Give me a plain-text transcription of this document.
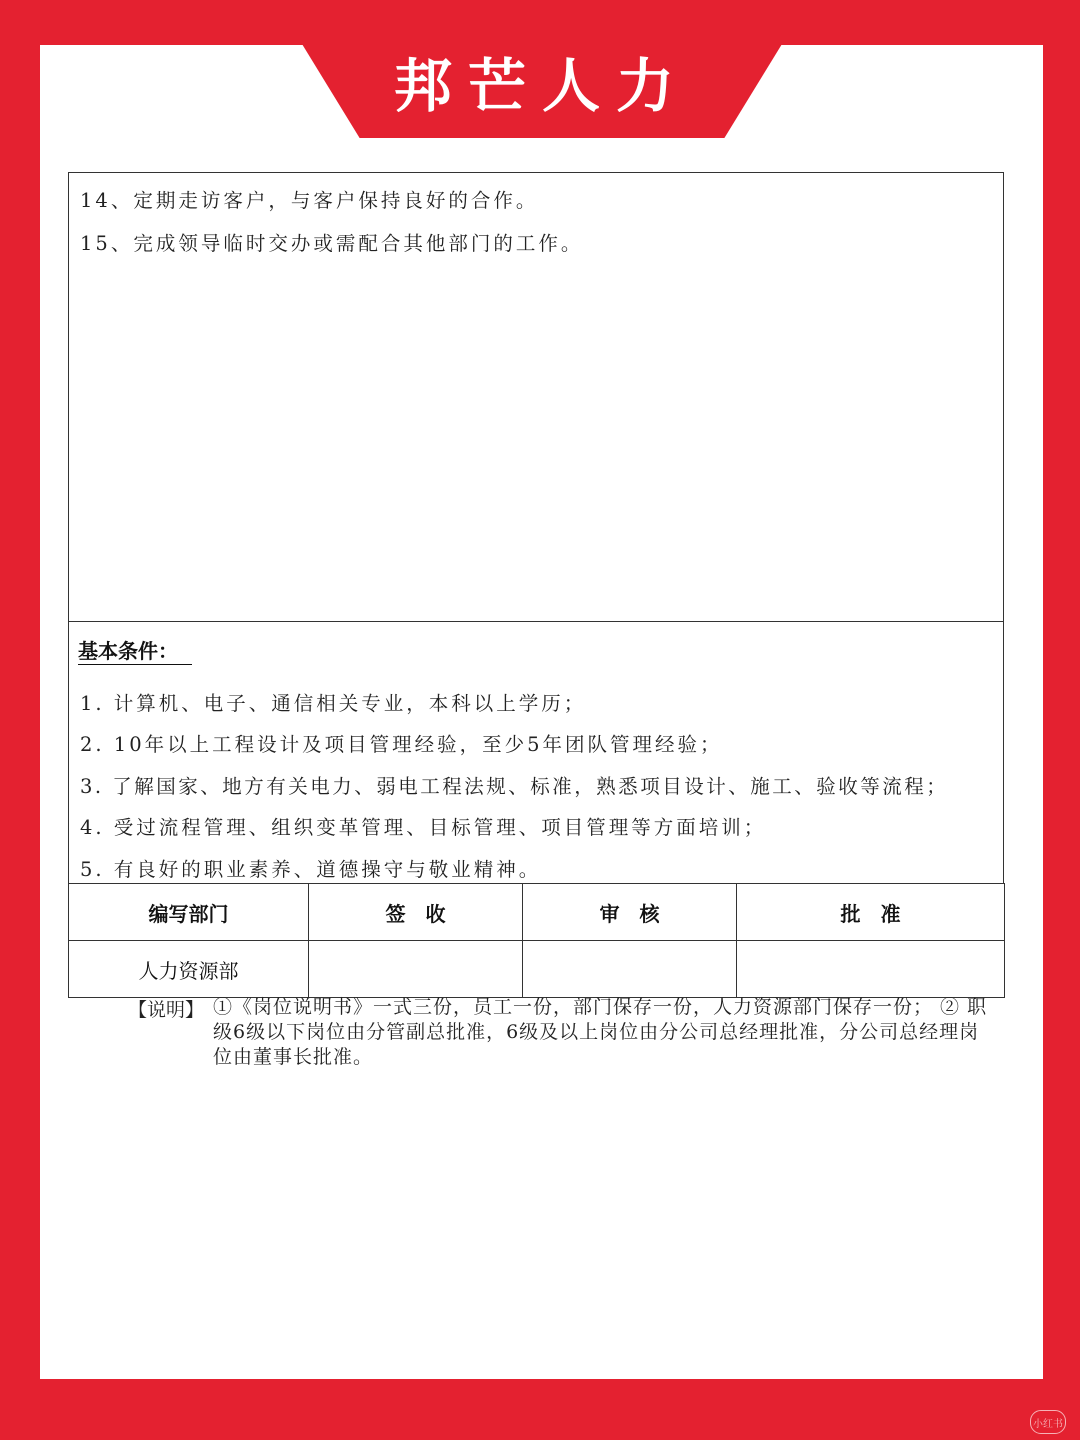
邦芒人力
14、定期走访客户，与客户保持良好的合作。
15、完成领导临时交办或需配合其他部门的工作。
基本条件：
1. 计算机、电子、通信相关专业，本科以上学历；
2. 10年以上工程设计及项目管理经验，至少5年团队管理经验；
3. 了解国家、地方有关电力、弱电工程法规、标准，熟悉项目设计、施工、验收等流程；
4. 受过流程管理、组织变革管理、目标管理、项目管理等方面培训；
5. 有良好的职业素养、道德操守与敬业精神。
编写部门	签　收	审　核	批　准
人力资源部			
【说明】 ①《岗位说明书》一式三份，员工一份，部门保存一份，人力资源部门保存一份； ② 职级6级以下岗位由分管副总批准，6级及以上岗位由分公司总经理批准，分公司总经理岗位由董事长批准。
小红书
